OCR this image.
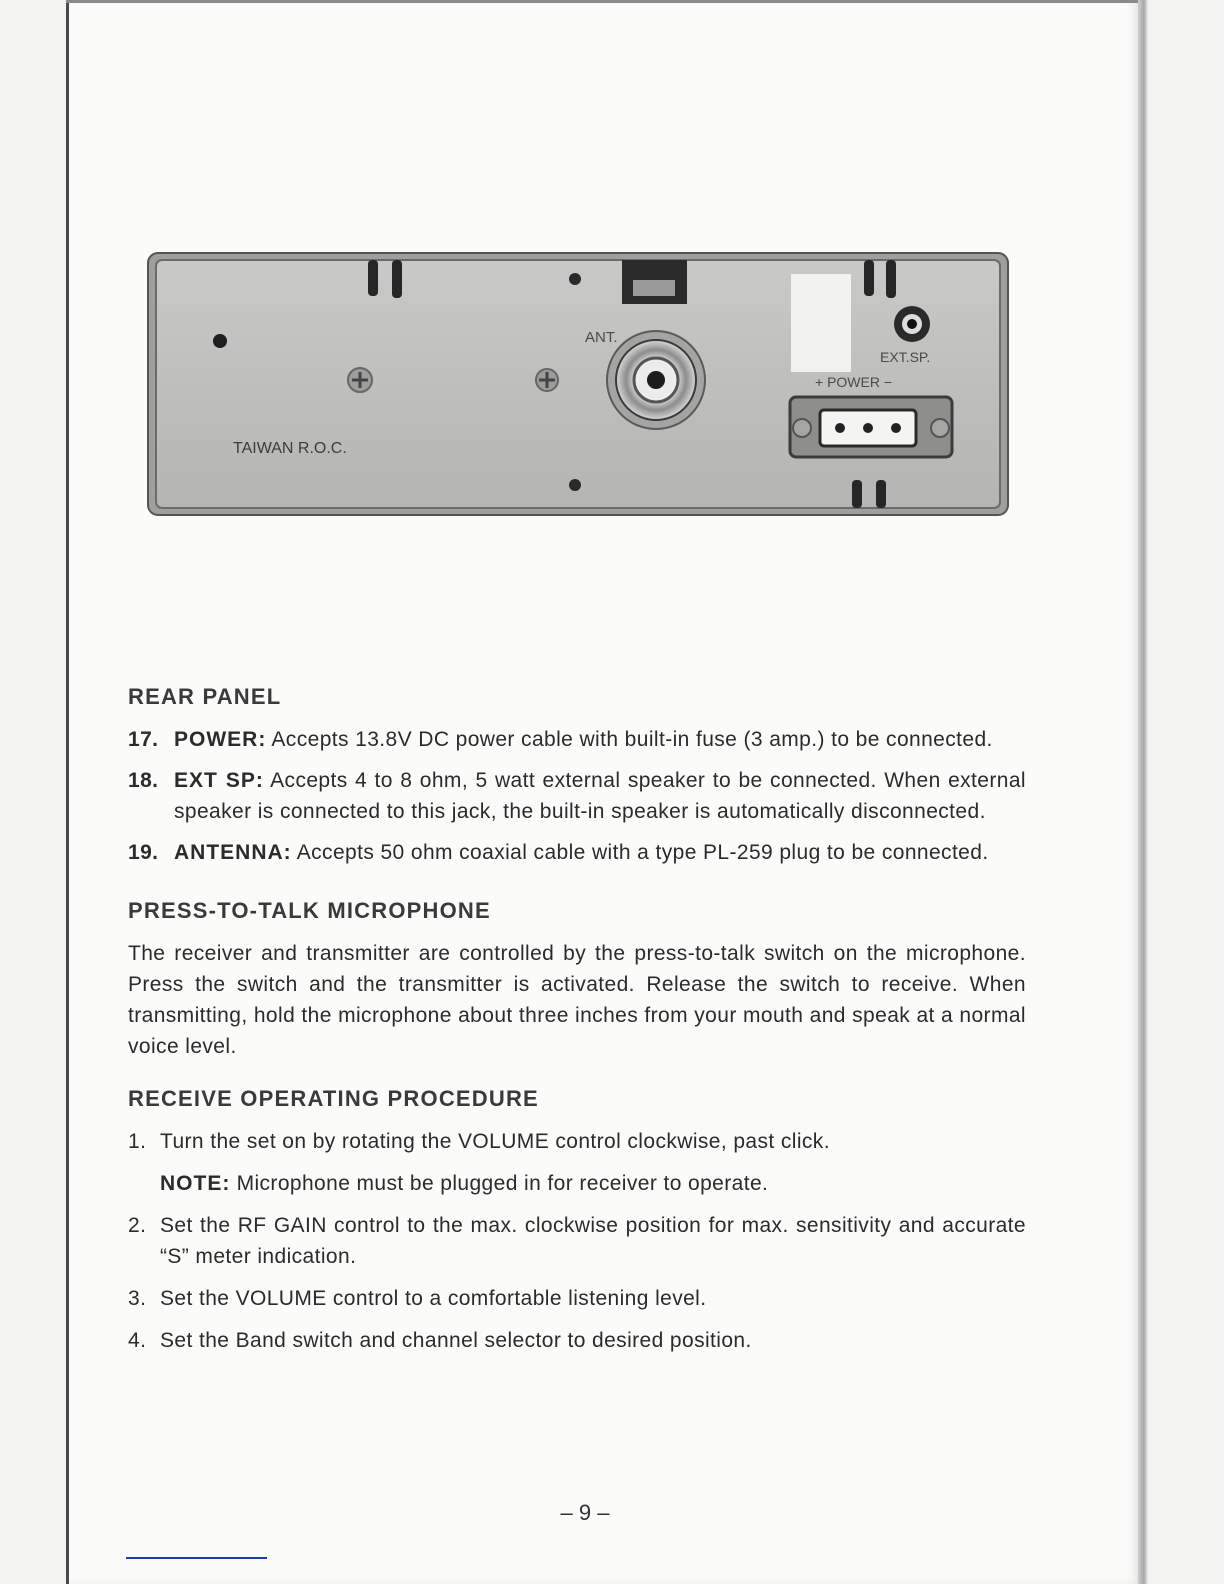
ANT.
EXT.SP.
+ POWER −
TAIWAN R.O.C.
REAR PANEL
17. POWER: Accepts 13.8V DC power cable with built-in fuse (3 amp.) to be connected.
18. EXT SP: Accepts 4 to 8 ohm, 5 watt external speaker to be connected. When external speaker is connected to this jack, the built-in speaker is automatically disconnected.
19. ANTENNA: Accepts 50 ohm coaxial cable with a type PL-259 plug to be connected.
PRESS-TO-TALK MICROPHONE
The receiver and transmitter are controlled by the press-to-talk switch on the microphone. Press the switch and the transmitter is activated. Release the switch to receive. When transmitting, hold the microphone about three inches from your mouth and speak at a normal voice level.
RECEIVE OPERATING PROCEDURE
1. Turn the set on by rotating the VOLUME control clockwise, past click.
NOTE: Microphone must be plugged in for receiver to operate.
2. Set the RF GAIN control to the max. clockwise position for max. sensitivity and accurate “S” meter indication.
3. Set the VOLUME control to a comfortable listening level.
4. Set the Band switch and channel selector to desired position.
– 9 –
